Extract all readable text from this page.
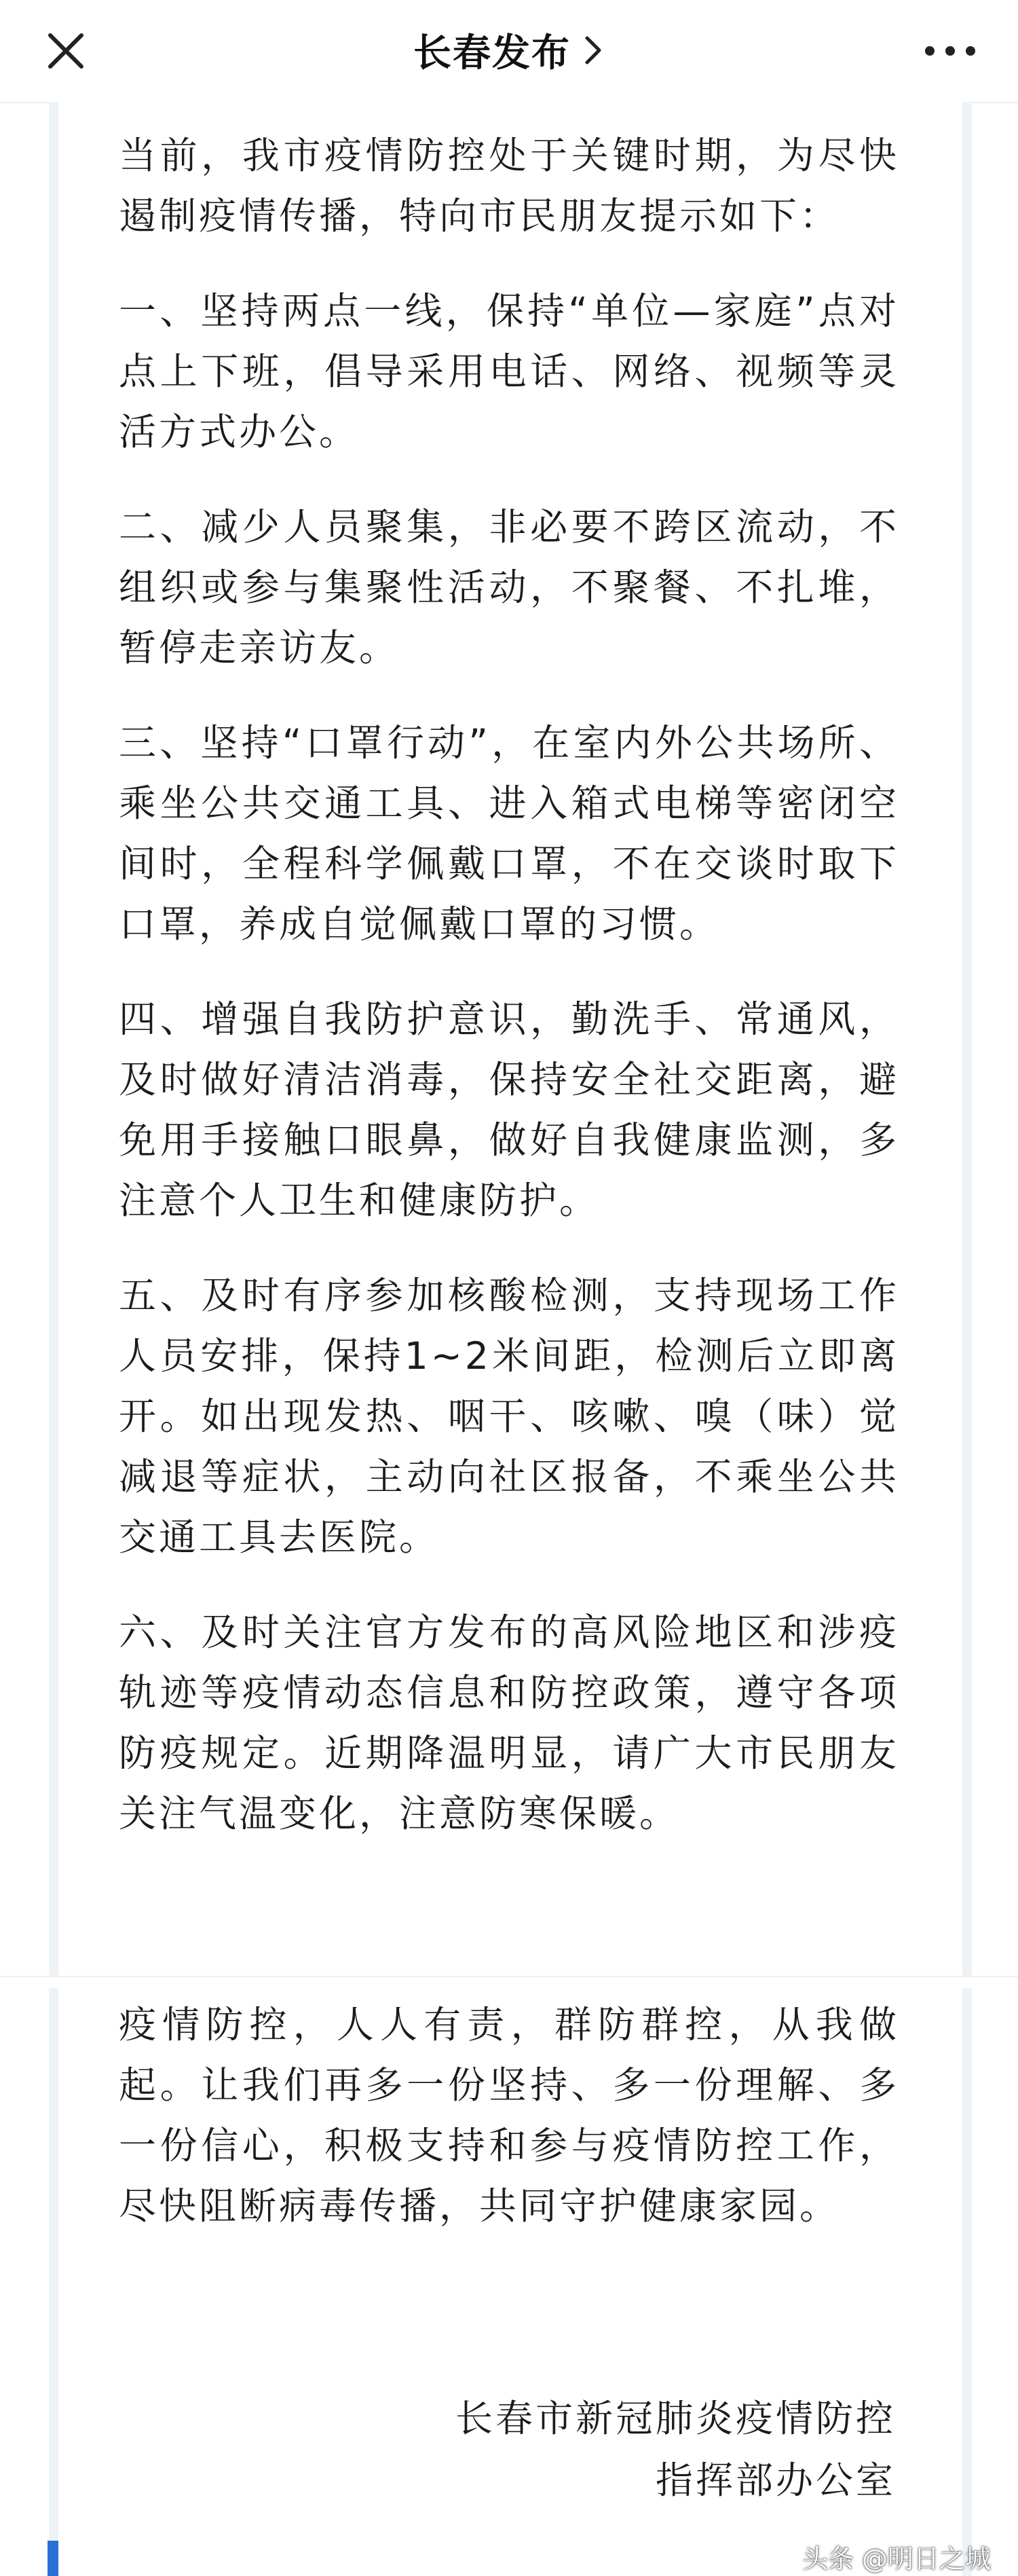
长春发布

当前，我市疫情防控处于关键时期，为尽快遏制疫情传播，特向市民朋友提示如下：

一、坚持两点一线，保持“单位—家庭”点对点上下班，倡导采用电话、网络、视频等灵活方式办公。

二、减少人员聚集，非必要不跨区流动，不组织或参与集聚性活动，不聚餐、不扎堆，暂停走亲访友。

三、坚持“口罩行动”，在室内外公共场所、乘坐公共交通工具、进入箱式电梯等密闭空间时，全程科学佩戴口罩，不在交谈时取下口罩，养成自觉佩戴口罩的习惯。

四、增强自我防护意识，勤洗手、常通风，及时做好清洁消毒，保持安全社交距离，避免用手接触口眼鼻，做好自我健康监测，多注意个人卫生和健康防护。

五、及时有序参加核酸检测，支持现场工作人员安排，保持1~2米间距，检测后立即离开。如出现发热、咽干、咳嗽、嗅（味）觉减退等症状，主动向社区报备，不乘坐公共交通工具去医院。

六、及时关注官方发布的高风险地区和涉疫轨迹等疫情动态信息和防控政策，遵守各项防疫规定。近期降温明显，请广大市民朋友关注气温变化，注意防寒保暖。

疫情防控，人人有责，群防群控，从我做起。让我们再多一份坚持、多一份理解、多一份信心，积极支持和参与疫情防控工作，尽快阻断病毒传播，共同守护健康家园。

长春市新冠肺炎疫情防控
指挥部办公室
头条 @明日之城
